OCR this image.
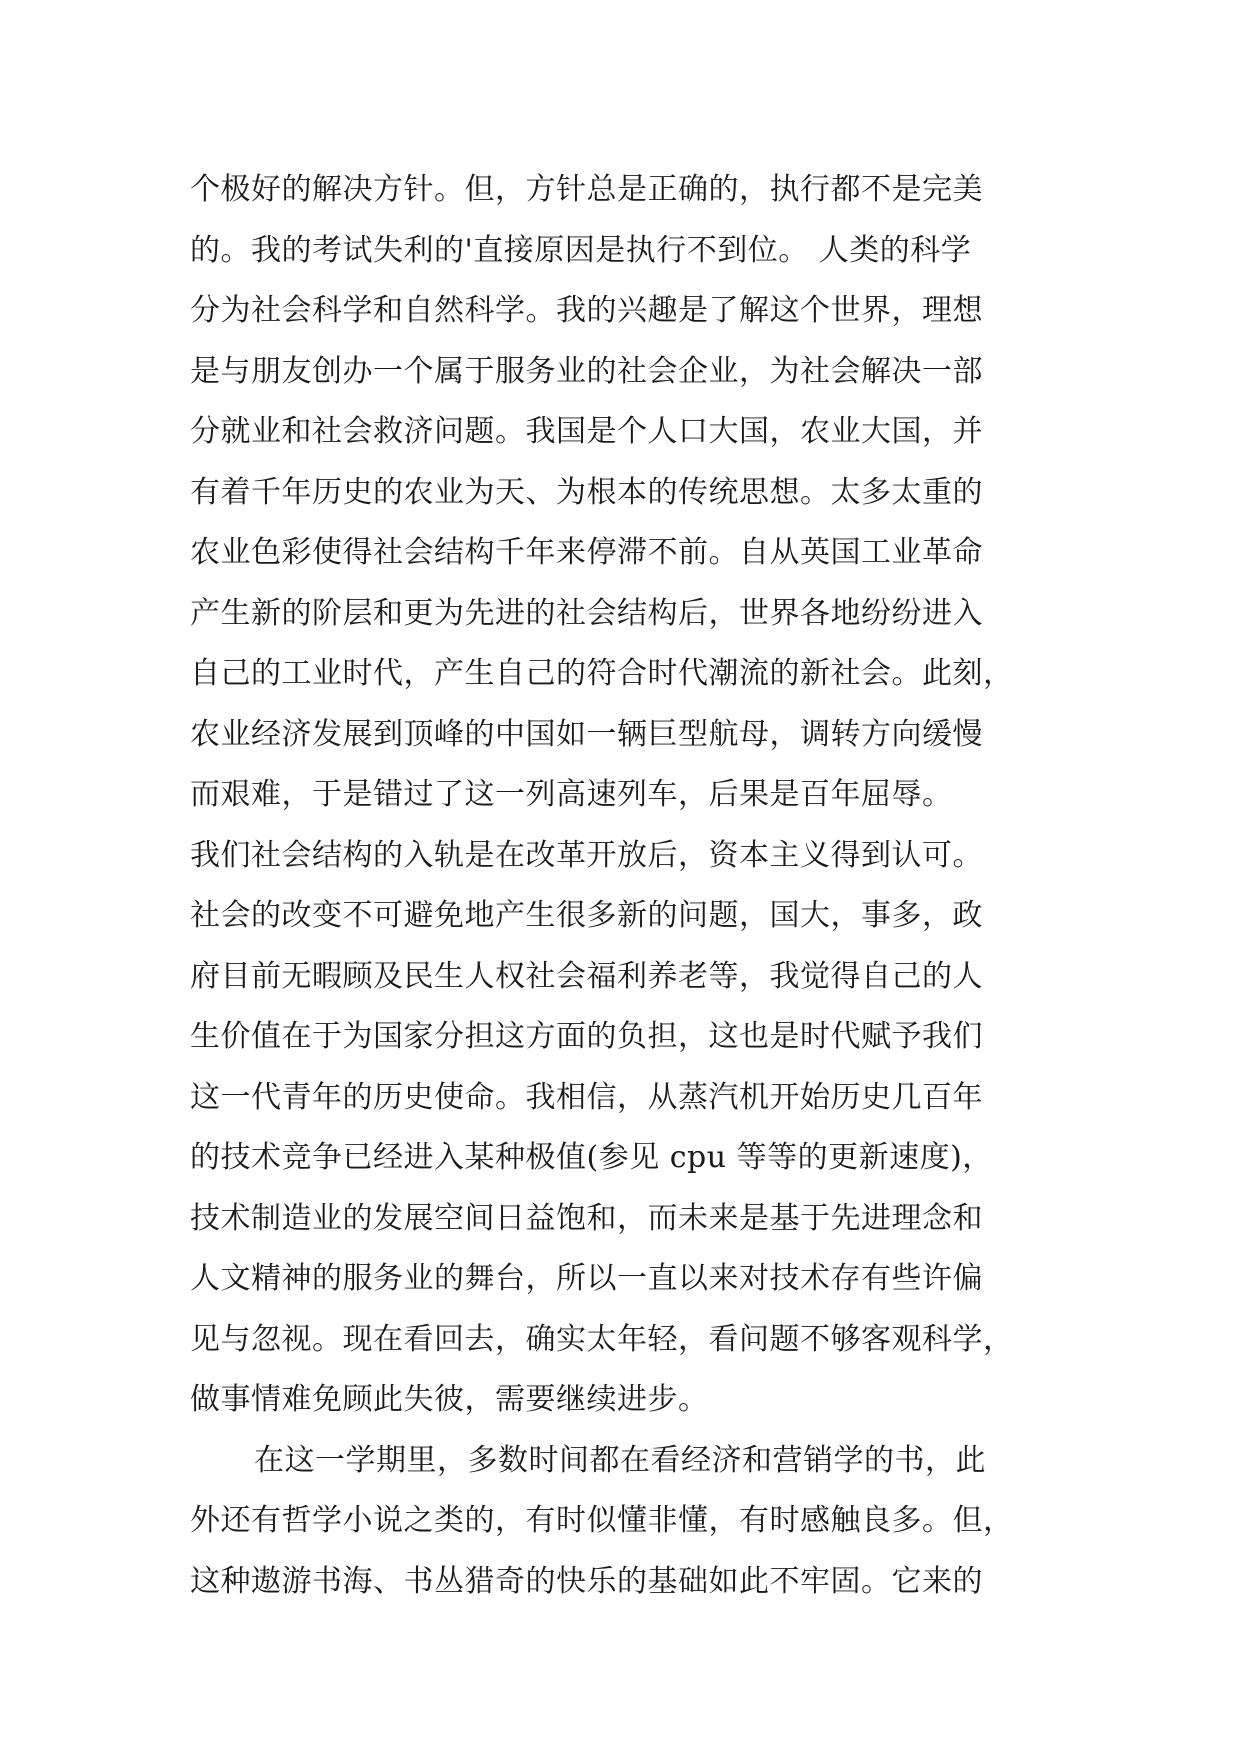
个极好的解决方针。但，方针总是正确的，执行都不是完美
的。我的考试失利的'直接原因是执行不到位。 人类的科学
分为社会科学和自然科学。我的兴趣是了解这个世界，理想
是与朋友创办一个属于服务业的社会企业，为社会解决一部
分就业和社会救济问题。我国是个人口大国，农业大国，并
有着千年历史的农业为天、为根本的传统思想。太多太重的
农业色彩使得社会结构千年来停滞不前。自从英国工业革命
产生新的阶层和更为先进的社会结构后，世界各地纷纷进入
自己的工业时代，产生自己的符合时代潮流的新社会。此刻，
农业经济发展到顶峰的中国如一辆巨型航母，调转方向缓慢
而艰难，于是错过了这一列高速列车，后果是百年屈辱。
我们社会结构的入轨是在改革开放后，资本主义得到认可。
社会的改变不可避免地产生很多新的问题，国大，事多，政
府目前无暇顾及民生人权社会福利养老等，我觉得自己的人
生价值在于为国家分担这方面的负担，这也是时代赋予我们
这一代青年的历史使命。我相信，从蒸汽机开始历史几百年
的技术竞争已经进入某种极值(参见 cpu 等等的更新速度)，
技术制造业的发展空间日益饱和，而未来是基于先进理念和
人文精神的服务业的舞台，所以一直以来对技术存有些许偏
见与忽视。现在看回去，确实太年轻，看问题不够客观科学，
做事情难免顾此失彼，需要继续进步。
在这一学期里，多数时间都在看经济和营销学的书，此
外还有哲学小说之类的，有时似懂非懂，有时感触良多。但，
这种遨游书海、书丛猎奇的快乐的基础如此不牢固。它来的
